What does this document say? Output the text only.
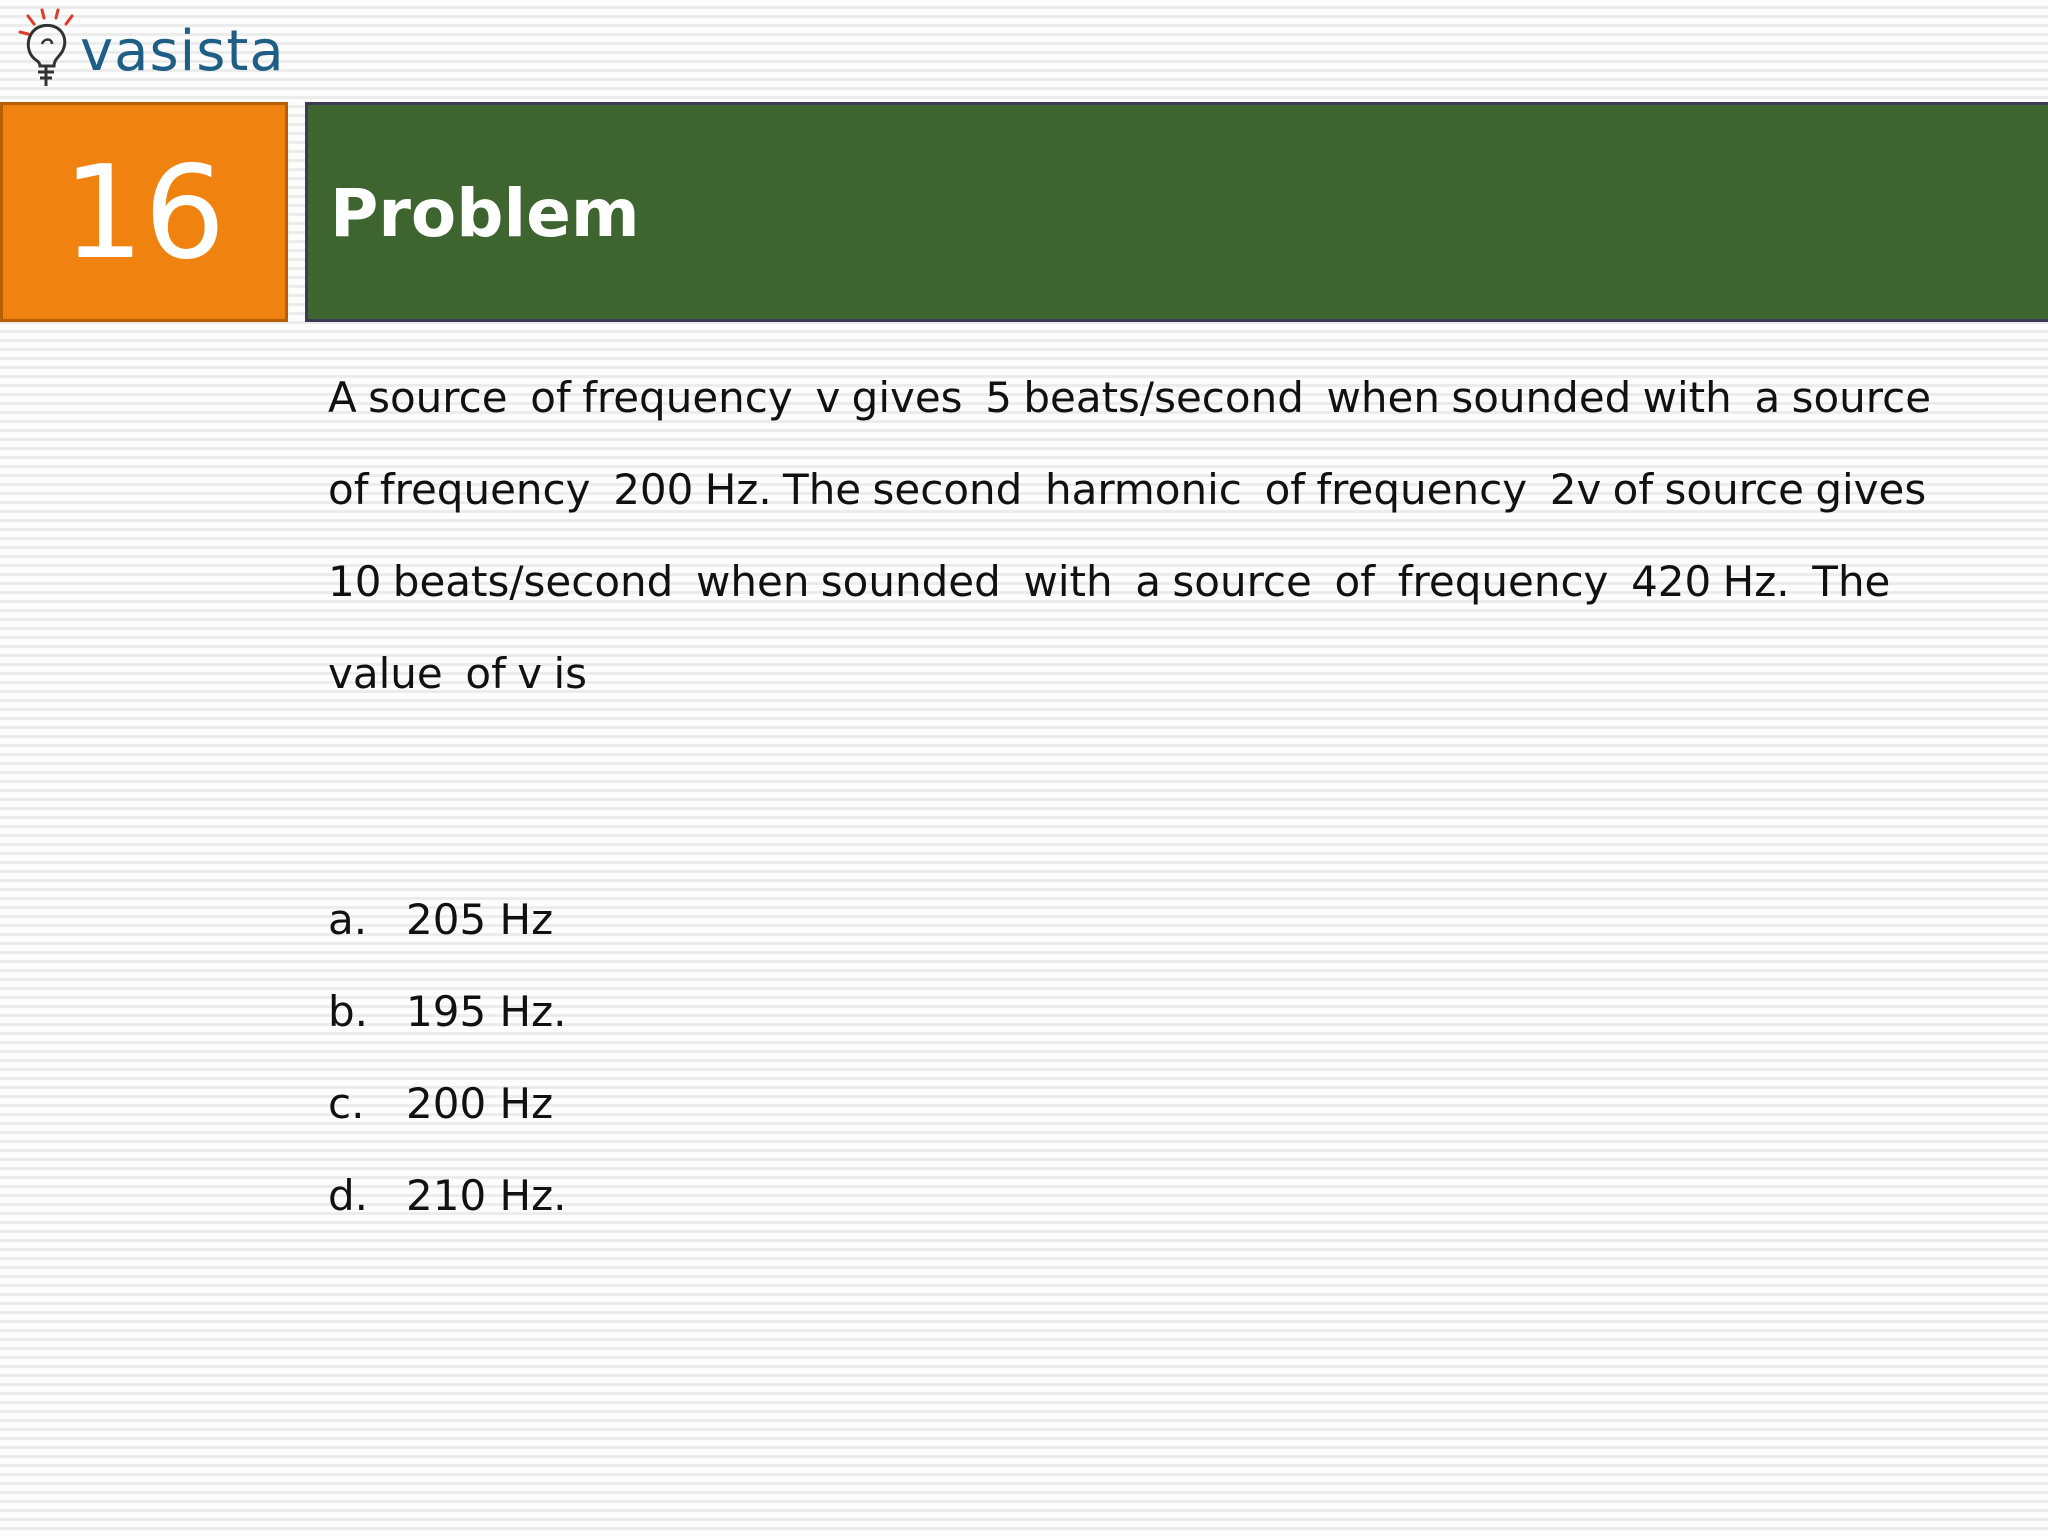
vasista
16 Problem

A source  of frequency  v gives  5 beats/second  when sounded with  a source of frequency  200 Hz. The second  harmonic  of frequency  2v of source gives 10 beats/second  when sounded  with  a source  of  frequency  420 Hz.  The value  of v is

a. 205 Hz
b. 195 Hz.
c. 200 Hz
d. 210 Hz.
